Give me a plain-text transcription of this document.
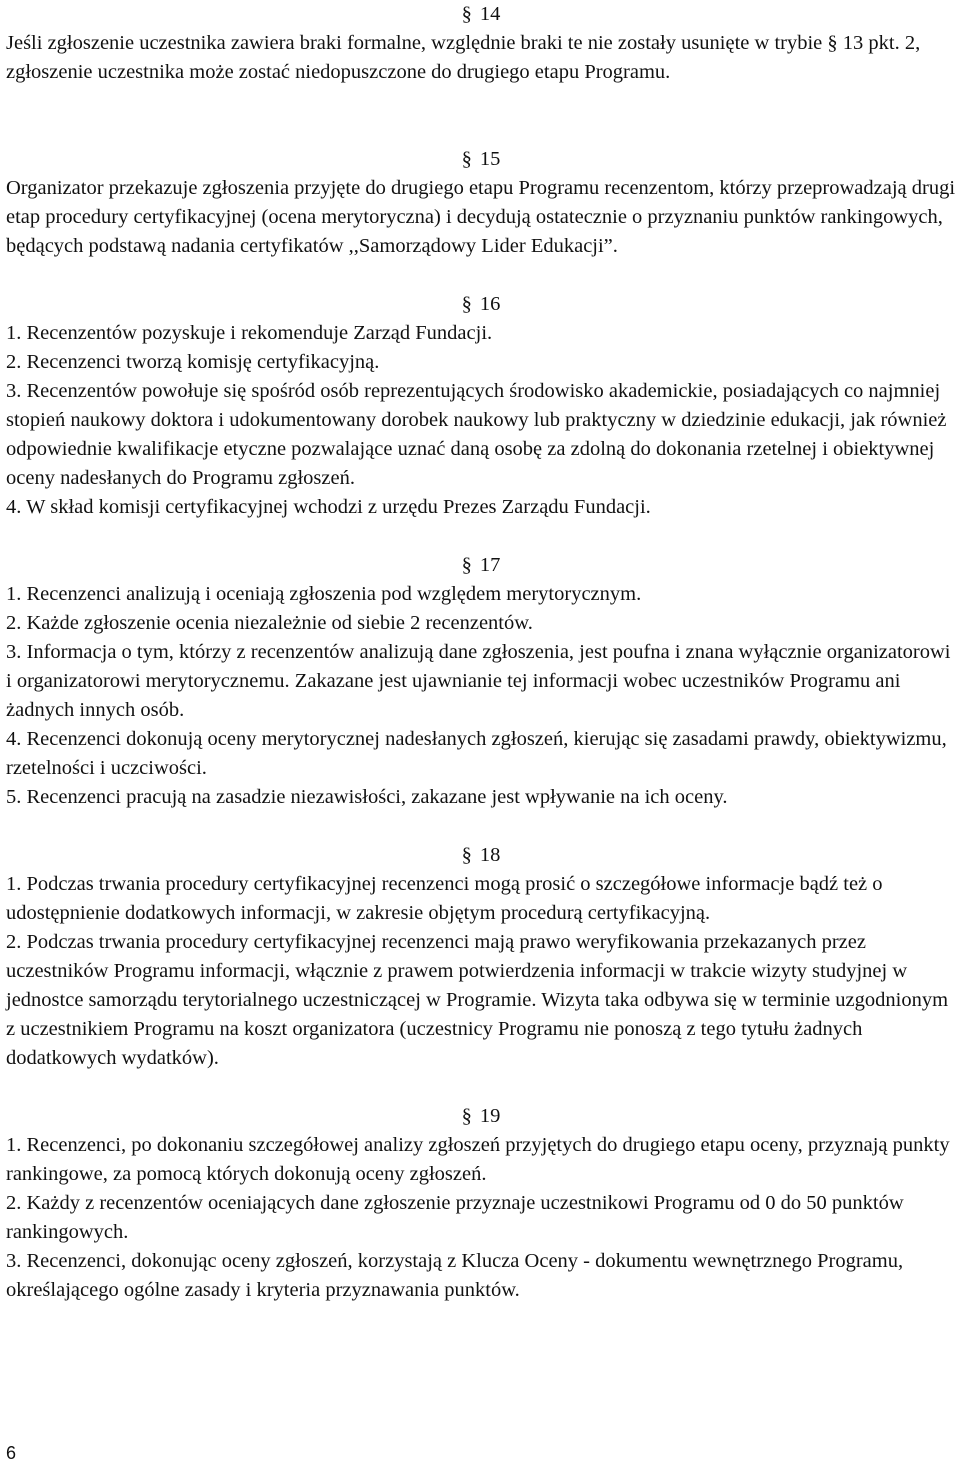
§ 14

Jeśli zgłoszenie uczestnika zawiera braki formalne, względnie braki te nie zostały usunięte w trybie § 13 pkt. 2, zgłoszenie uczestnika może zostać niedopuszczone do drugiego etapu Programu.

§ 15

Organizator przekazuje zgłoszenia przyjęte do drugiego etapu Programu recenzentom, którzy przeprowadzają drugi etap procedury certyfikacyjnej (ocena merytoryczna) i decydują ostatecznie o przyznaniu punktów rankingowych, będących podstawą nadania certyfikatów ,,Samorządowy Lider Edukacji”.

§ 16

1. Recenzentów pozyskuje i rekomenduje Zarząd Fundacji.

2. Recenzenci tworzą komisję certyfikacyjną.

3. Recenzentów powołuje się spośród osób reprezentujących środowisko akademickie, posiadających co najmniej stopień naukowy doktora i udokumentowany dorobek naukowy lub praktyczny w dziedzinie edukacji, jak również odpowiednie kwalifikacje etyczne pozwalające uznać daną osobę za zdolną do dokonania rzetelnej i obiektywnej oceny nadesłanych do Programu zgłoszeń.

4. W skład komisji certyfikacyjnej wchodzi z urzędu Prezes Zarządu Fundacji.

§ 17

1. Recenzenci analizują i oceniają zgłoszenia pod względem merytorycznym.

2. Każde zgłoszenie ocenia niezależnie od siebie 2 recenzentów.

3. Informacja o tym, którzy z recenzentów analizują dane zgłoszenia, jest poufna i znana wyłącznie organizatorowi i organizatorowi merytorycznemu. Zakazane jest ujawnianie tej informacji wobec uczestników Programu ani żadnych innych osób.

4. Recenzenci dokonują oceny merytorycznej nadesłanych zgłoszeń, kierując się zasadami prawdy, obiektywizmu, rzetelności i uczciwości.

5. Recenzenci pracują na zasadzie niezawisłości, zakazane jest wpływanie na ich oceny.

§ 18

1. Podczas trwania procedury certyfikacyjnej recenzenci mogą prosić o szczegółowe informacje bądź też o udostępnienie dodatkowych informacji, w zakresie objętym procedurą certyfikacyjną.

2. Podczas trwania procedury certyfikacyjnej recenzenci mają prawo weryfikowania przekazanych przez uczestników Programu informacji, włącznie z prawem potwierdzenia informacji w trakcie wizyty studyjnej w jednostce samorządu terytorialnego uczestniczącej w Programie. Wizyta taka odbywa się w terminie uzgodnionym z uczestnikiem Programu na koszt organizatora (uczestnicy Programu nie ponoszą z tego tytułu żadnych dodatkowych wydatków).

§ 19

1. Recenzenci, po dokonaniu szczegółowej analizy zgłoszeń przyjętych do drugiego etapu oceny, przyznają punkty rankingowe, za pomocą których dokonują oceny zgłoszeń.

2. Każdy z recenzentów oceniających dane zgłoszenie przyznaje uczestnikowi Programu od 0 do 50 punktów rankingowych.

3. Recenzenci, dokonując oceny zgłoszeń, korzystają z Klucza Oceny - dokumentu wewnętrznego Programu, określającego ogólne zasady i kryteria przyznawania punktów.

6
